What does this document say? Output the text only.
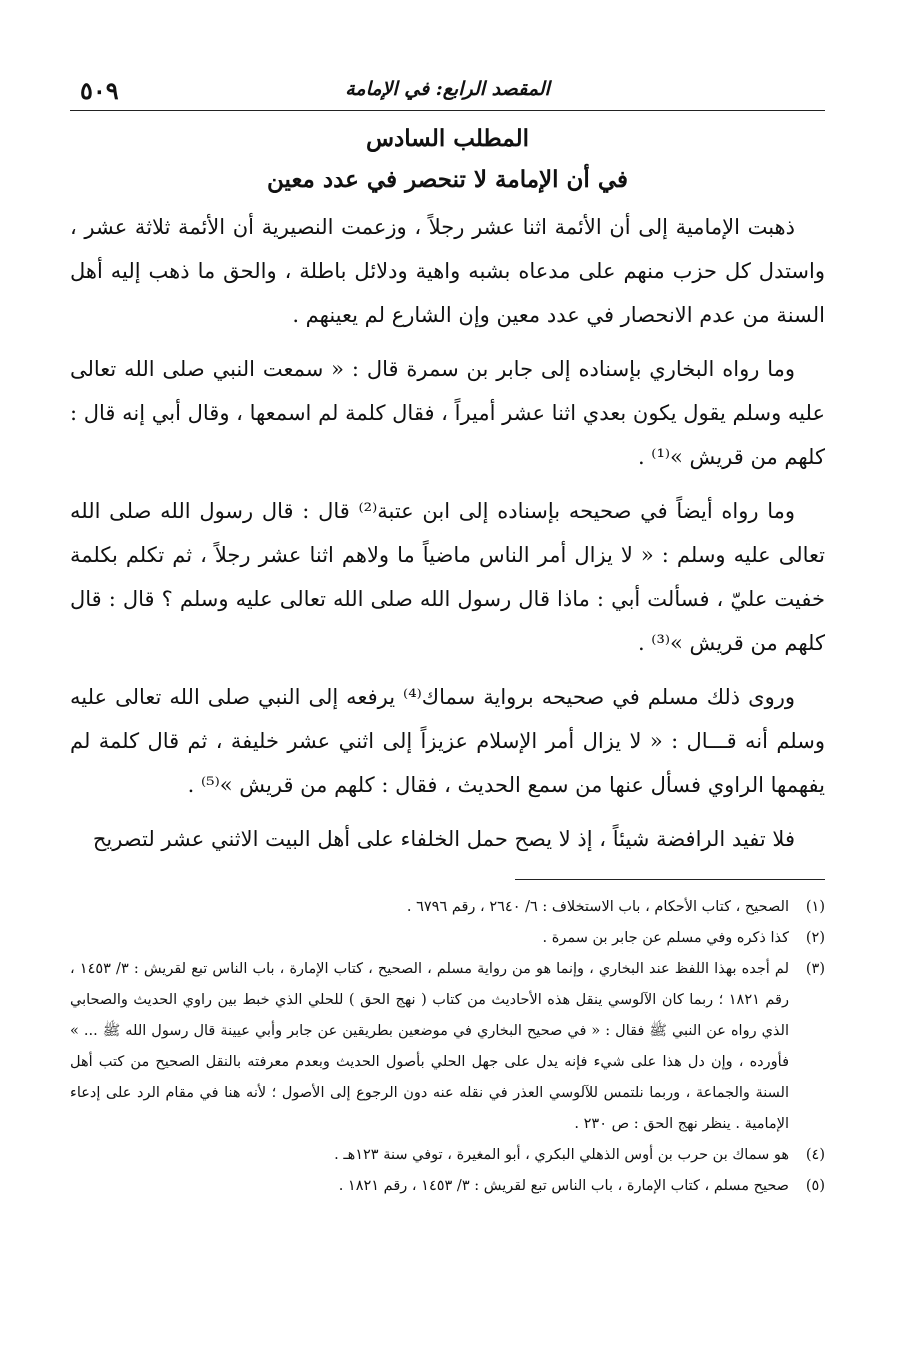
المقصد الرابع: في الإمامة
٥٠٩
المطلب السادس
في أن الإمامة لا تنحصر في عدد معين

ذهبت الإمامية إلى أن الأئمة اثنا عشر رجلاً ، وزعمت النصيرية أن الأئمة ثلاثة عشر ، واستدل كل حزب منهم على مدعاه بشبه واهية ودلائل باطلة ، والحق ما ذهب إليه أهل السنة من عدم الانحصار في عدد معين وإن الشارع لم يعينهم .

وما رواه البخاري بإسناده إلى جابر بن سمرة قال : « سمعت النبي صلى الله تعالى عليه وسلم يقول يكون بعدي اثنا عشر أميراً ، فقال كلمة لم اسمعها ، وقال أبي إنه قال : كلهم من قريش »⁽¹⁾ .

وما رواه أيضاً في صحيحه بإسناده إلى ابن عتبة⁽²⁾ قال : قال رسول الله صلى الله تعالى عليه وسلم : « لا يزال أمر الناس ماضياً ما ولاهم اثنا عشر رجلاً ، ثم تكلم بكلمة خفيت عليّ ، فسألت أبي : ماذا قال رسول الله صلى الله تعالى عليه وسلم ؟ قال : قال كلهم من قريش »⁽³⁾ .

وروى ذلك مسلم في صحيحه برواية سماك⁽⁴⁾ يرفعه إلى النبي صلى الله تعالى عليه وسلم أنه قـــال : « لا يزال أمر الإسلام عزيزاً إلى اثني عشر خليفة ، ثم قال كلمة لم يفهمها الراوي فسأل عنها من سمع الحديث ، فقال : كلهم من قريش »⁽⁵⁾ .

فلا تفيد الرافضة شيئاً ، إذ لا يصح حمل الخلفاء على أهل البيت الاثني عشر لتصريح

(١)
الصحيح ، كتاب الأحكام ، باب الاستخلاف : ٦/ ٢٦٤٠ ، رقم ٦٧٩٦ .
(٢)
كذا ذكره وفي مسلم عن جابر بن سمرة .
(٣)
لم أجده بهذا اللفظ عند البخاري ، وإنما هو من رواية مسلم ، الصحيح ، كتاب الإمارة ، باب الناس تبع لقريش : ٣/ ١٤٥٣ ، رقم ١٨٢١ ؛ ربما كان الآلوسي ينقل هذه الأحاديث من كتاب ( نهج الحق ) للحلي الذي خبط بين راوي الحديث والصحابي الذي رواه عن النبي ﷺ فقال : « في صحيح البخاري في موضعين بطريقين عن جابر وأبي عيينة قال رسول الله ﷺ ... » فأورده ، وإن دل هذا على شيء فإنه يدل على جهل الحلي بأصول الحديث وبعدم معرفته بالنقل الصحيح من كتب أهل السنة والجماعة ، وربما نلتمس للآلوسي العذر في نقله عنه دون الرجوع إلى الأصول ؛ لأنه هنا في مقام الرد على إدعاء الإمامية . ينظر نهج الحق : ص ٢٣٠ .
(٤)
هو سماك بن حرب بن أوس الذهلي البكري ، أبو المغيرة ، توفي سنة ١٢٣هـ .
(٥)
صحيح مسلم ، كتاب الإمارة ، باب الناس تبع لقريش : ٣/ ١٤٥٣ ، رقم ١٨٢١ .
